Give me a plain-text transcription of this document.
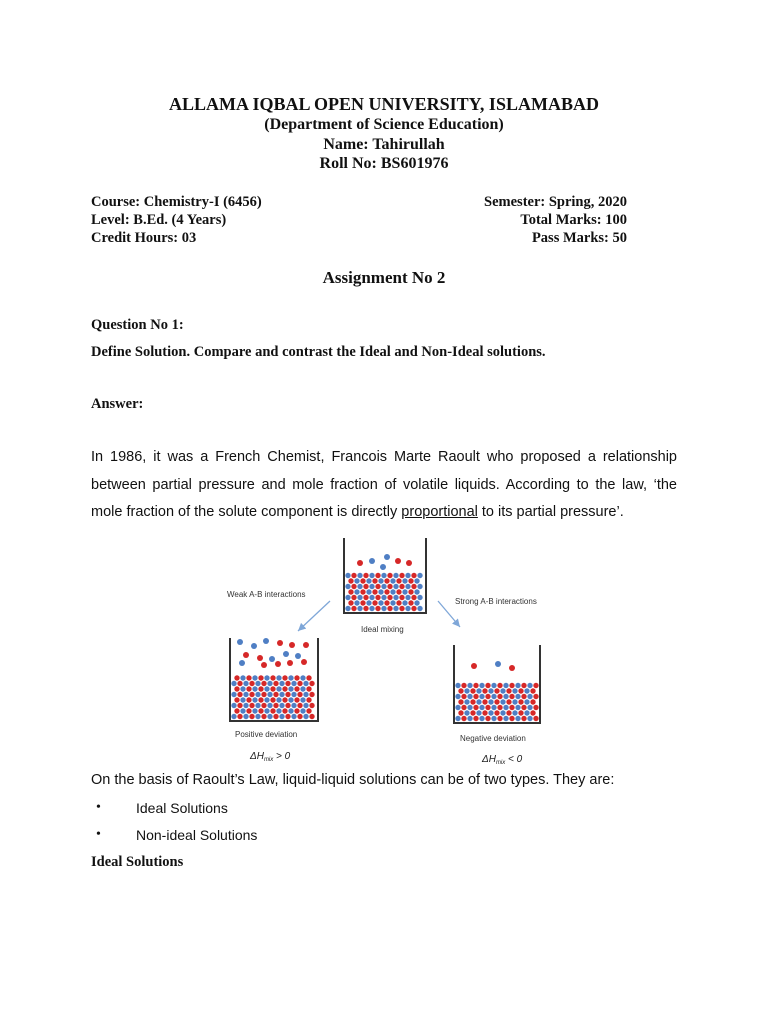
ALLAMA IQBAL OPEN UNIVERSITY, ISLAMABAD
(Department of Science Education)
Name: Tahirullah
Roll No: BS601976
Course: Chemistry-I (6456)	Semester: Spring, 2020
Level: B.Ed. (4 Years)	Total Marks: 100
Credit Hours: 03	Pass Marks: 50
Assignment No 2
Question No 1:
Define Solution. Compare and contrast the Ideal and Non-Ideal solutions.
Answer:
In 1986, it was a French Chemist, Francois Marte Raoult who proposed a relationship between partial pressure and mole fraction of volatile liquids. According to the law, ‘the mole fraction of the solute component is directly proportional to its partial pressure’.
Weak A-B interactions
Strong A-B interactions
Ideal mixing
Positive deviation	Negative deviation
$\Delta H_{mix} > 0$	$\Delta H_{mix} < 0$
On the basis of Raoult’s Law, liquid-liquid solutions can be of two types. They are:
•	Ideal Solutions
•	Non-ideal Solutions
Ideal Solutions
